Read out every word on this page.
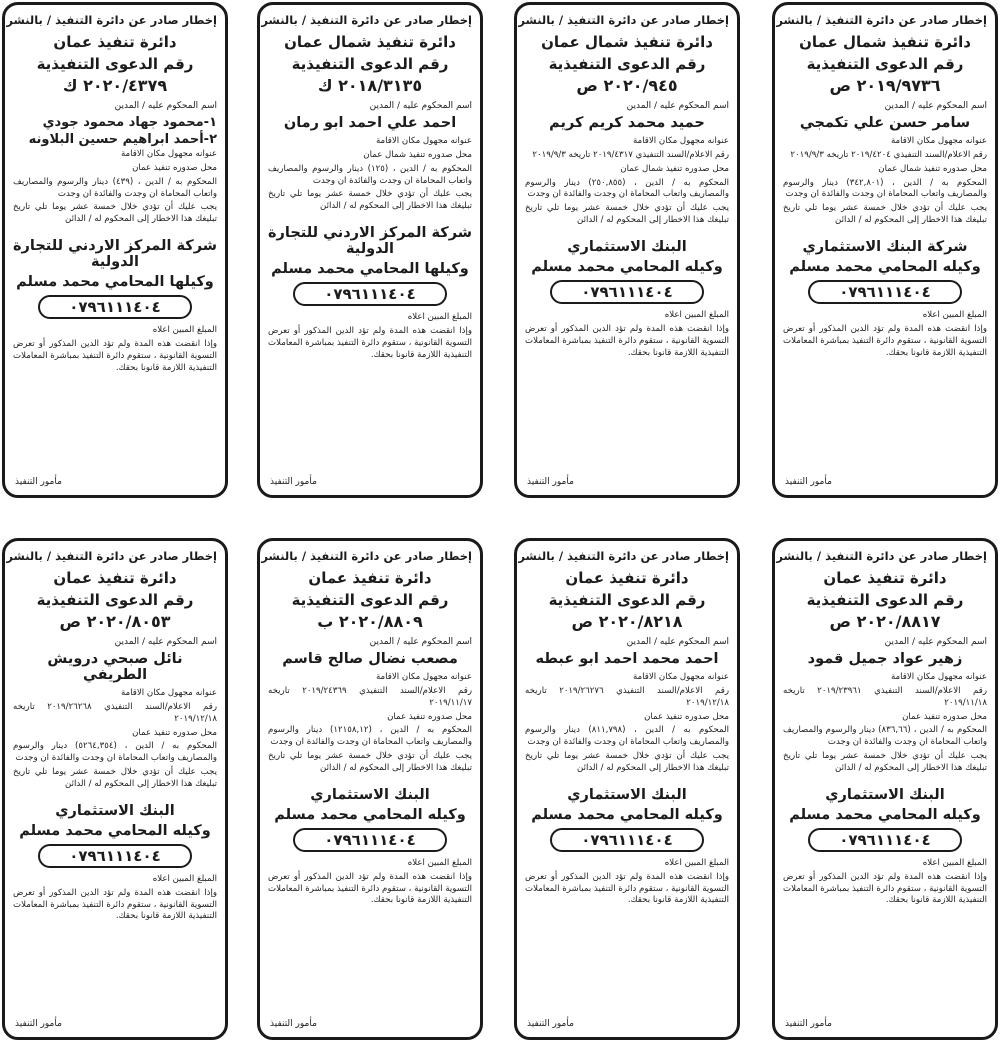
إخطار صادر عن دائرة التنفيذ / بالنشر
دائرة تنفيذ شمال عمان
رقم الدعوى التنفيذية
٢٠١٩/٩٧٣٦ ص
اسم المحكوم عليه / المدين
سامر حسن علي تكمجي
عنوانه مجهول مكان الاقامة
رقم الاعلام/السند التنفيذي ٢٠١٩/٤٢٠٤ تاريخه ٢٠١٩/٩/٣
محل صدوره تنفيذ شمال عمان
المحكوم به / الدين ، (٣٤٢,٨٠١) دينار والرسوم والمصاريف واتعاب المحاماة ان وجدت والفائدة ان وجدت
يجب عليك أن تؤدي خلال خمسة عشر يوما تلي تاريخ تبليغك هذا الاخطار إلى المحكوم له / الدائن
شركة البنك الاستثماري
وكيله المحامي محمد مسلم
٠٧٩٦١١١٤٠٤
المبلغ المبين اعلاه
وإذا انقضت هذه المدة ولم تؤد الدين المذكور أو تعرض التسوية القانونية ، ستقوم دائرة التنفيذ بمباشرة المعاملات التنفيذية اللازمة قانونا بحقك.
مأمور التنفيذ
إخطار صادر عن دائرة التنفيذ / بالنشر
دائرة تنفيذ شمال عمان
رقم الدعوى التنفيذية
٢٠٢٠/٩٤٥ ص
اسم المحكوم عليه / المدين
حميد محمد كريم كريم
عنوانه مجهول مكان الاقامة
رقم الاعلام/السند التنفيذي ٢٠١٩/٤٣١٧ تاريخه ٢٠١٩/٩/٣
محل صدوره تنفيذ شمال عمان
المحكوم به / الدين ، (٢٥٠,٨٥٥) دينار والرسوم والمصاريف واتعاب المحاماة ان وجدت والفائدة ان وجدت
يجب عليك أن تؤدي خلال خمسة عشر يوما تلي تاريخ تبليغك هذا الاخطار إلى المحكوم له / الدائن
البنك الاستثماري
وكيله المحامي محمد مسلم
٠٧٩٦١١١٤٠٤
المبلغ المبين اعلاه
وإذا انقضت هذه المدة ولم تؤد الدين المذكور أو تعرض التسوية القانونية ، ستقوم دائرة التنفيذ بمباشرة المعاملات التنفيذية اللازمة قانونا بحقك.
مأمور التنفيذ
إخطار صادر عن دائرة التنفيذ / بالنشر
دائرة تنفيذ شمال عمان
رقم الدعوى التنفيذية
٢٠١٨/٣١٣٥ ك
اسم المحكوم عليه / المدين
احمد علي احمد ابو رمان
عنوانه مجهول مكان الاقامة
محل صدوره تنفيذ شمال عمان
المحكوم به / الدين ، (١٢٥) دينار والرسوم والمصاريف واتعاب المحاماة ان وجدت والفائدة ان وجدت
يجب عليك أن تؤدي خلال خمسة عشر يوما تلي تاريخ تبليغك هذا الاخطار إلى المحكوم له / الدائن
شركة المركز الاردني للتجارة الدولية
وكيلها المحامي محمد مسلم
٠٧٩٦١١١٤٠٤
المبلغ المبين اعلاه
وإذا انقضت هذه المدة ولم تؤد الدين المذكور أو تعرض التسوية القانونية ، ستقوم دائرة التنفيذ بمباشرة المعاملات التنفيذية اللازمة قانونا بحقك.
مأمور التنفيذ
إخطار صادر عن دائرة التنفيذ / بالنشر
دائرة تنفيذ عمان
رقم الدعوى التنفيذية
٢٠٢٠/٤٣٧٩ ك
اسم المحكوم عليه / المدين
١-محمود جهاد محمود جودي
٢-أحمد ابراهيم حسين البلاونه
عنوانه مجهول مكان الاقامة
محل صدوره تنفيذ عمان
المحكوم به / الدين ، (٤٣٩) دينار والرسوم والمصاريف واتعاب المحاماة ان وجدت والفائدة ان وجدت
يجب عليك أن تؤدي خلال خمسة عشر يوما تلي تاريخ تبليغك هذا الاخطار إلى المحكوم له / الدائن
شركة المركز الاردني للتجارة الدولية
وكيلها المحامي محمد مسلم
٠٧٩٦١١١٤٠٤
المبلغ المبين اعلاه
وإذا انقضت هذه المدة ولم تؤد الدين المذكور أو تعرض التسوية القانونية ، ستقوم دائرة التنفيذ بمباشرة المعاملات التنفيذية اللازمة قانونا بحقك.
مأمور التنفيذ
إخطار صادر عن دائرة التنفيذ / بالنشر
دائرة تنفيذ عمان
رقم الدعوى التنفيذية
٢٠٢٠/٨٨١٧ ص
اسم المحكوم عليه / المدين
زهير عواد جميل قمود
عنوانه مجهول مكان الاقامة
رقم الاعلام/السند التنفيذي ٢٠١٩/٢٣٩٦١ تاريخه ٢٠١٩/١١/١٨
محل صدوره تنفيذ عمان
المحكوم به / الدين ، (٨٣٦,٦٦) دينار والرسوم والمصاريف واتعاب المحاماة ان وجدت والفائدة ان وجدت
يجب عليك أن تؤدي خلال خمسة عشر يوما تلي تاريخ تبليغك هذا الاخطار إلى المحكوم له / الدائن
البنك الاستثماري
وكيله المحامي محمد مسلم
٠٧٩٦١١١٤٠٤
المبلغ المبين اعلاه
وإذا انقضت هذه المدة ولم تؤد الدين المذكور أو تعرض التسوية القانونية ، ستقوم دائرة التنفيذ بمباشرة المعاملات التنفيذية اللازمة قانونا بحقك.
مأمور التنفيذ
إخطار صادر عن دائرة التنفيذ / بالنشر
دائرة تنفيذ عمان
رقم الدعوى التنفيذية
٢٠٢٠/٨٢١٨ ص
اسم المحكوم عليه / المدين
احمد محمد احمد ابو عبطه
عنوانه مجهول مكان الاقامة
رقم الاعلام/السند التنفيذي ٢٠١٩/٢٦٢٧٦ تاريخه ٢٠١٩/١٢/١٨
محل صدوره تنفيذ عمان
المحكوم به / الدين ، (٨١١,٧٩٨) دينار والرسوم والمصاريف واتعاب المحاماة ان وجدت والفائدة ان وجدت
يجب عليك أن تؤدي خلال خمسة عشر يوما تلي تاريخ تبليغك هذا الاخطار إلى المحكوم له / الدائن
البنك الاستثماري
وكيله المحامي محمد مسلم
٠٧٩٦١١١٤٠٤
المبلغ المبين اعلاه
وإذا انقضت هذه المدة ولم تؤد الدين المذكور أو تعرض التسوية القانونية ، ستقوم دائرة التنفيذ بمباشرة المعاملات التنفيذية اللازمة قانونا بحقك.
مأمور التنفيذ
إخطار صادر عن دائرة التنفيذ / بالنشر
دائرة تنفيذ عمان
رقم الدعوى التنفيذية
٢٠٢٠/٨٨٠٩ ب
اسم المحكوم عليه / المدين
مصعب نضال صالح قاسم
عنوانه مجهول مكان الاقامة
رقم الاعلام/السند التنفيذي ٢٠١٩/٢٤٣٦٩ تاريخه ٢٠١٩/١١/١٧
محل صدوره تنفيذ عمان
المحكوم به / الدين ، (١٢١٥٨,١٢) دينار والرسوم والمصاريف واتعاب المحاماة ان وجدت والفائدة ان وجدت
يجب عليك أن تؤدي خلال خمسة عشر يوما تلي تاريخ تبليغك هذا الاخطار إلى المحكوم له / الدائن
البنك الاستثماري
وكيله المحامي محمد مسلم
٠٧٩٦١١١٤٠٤
المبلغ المبين اعلاه
وإذا انقضت هذه المدة ولم تؤد الدين المذكور أو تعرض التسوية القانونية ، ستقوم دائرة التنفيذ بمباشرة المعاملات التنفيذية اللازمة قانونا بحقك.
مأمور التنفيذ
إخطار صادر عن دائرة التنفيذ / بالنشر
دائرة تنفيذ عمان
رقم الدعوى التنفيذية
٢٠٢٠/٨٠٥٣ ص
اسم المحكوم عليه / المدين
نائل صبحي درويش الطريفي
عنوانه مجهول مكان الاقامة
رقم الاعلام/السند التنفيذي ٢٠١٩/٢٦٢٦٨ تاريخه ٢٠١٩/١٢/١٨
محل صدوره تنفيذ عمان
المحكوم به / الدين ، (٥٢٦٤,٣٥٤) دينار والرسوم والمصاريف واتعاب المحاماة ان وجدت والفائدة ان وجدت
يجب عليك أن تؤدي خلال خمسة عشر يوما تلي تاريخ تبليغك هذا الاخطار إلى المحكوم له / الدائن
البنك الاستثماري
وكيله المحامي محمد مسلم
٠٧٩٦١١١٤٠٤
المبلغ المبين اعلاه
وإذا انقضت هذه المدة ولم تؤد الدين المذكور أو تعرض التسوية القانونية ، ستقوم دائرة التنفيذ بمباشرة المعاملات التنفيذية اللازمة قانونا بحقك.
مأمور التنفيذ
